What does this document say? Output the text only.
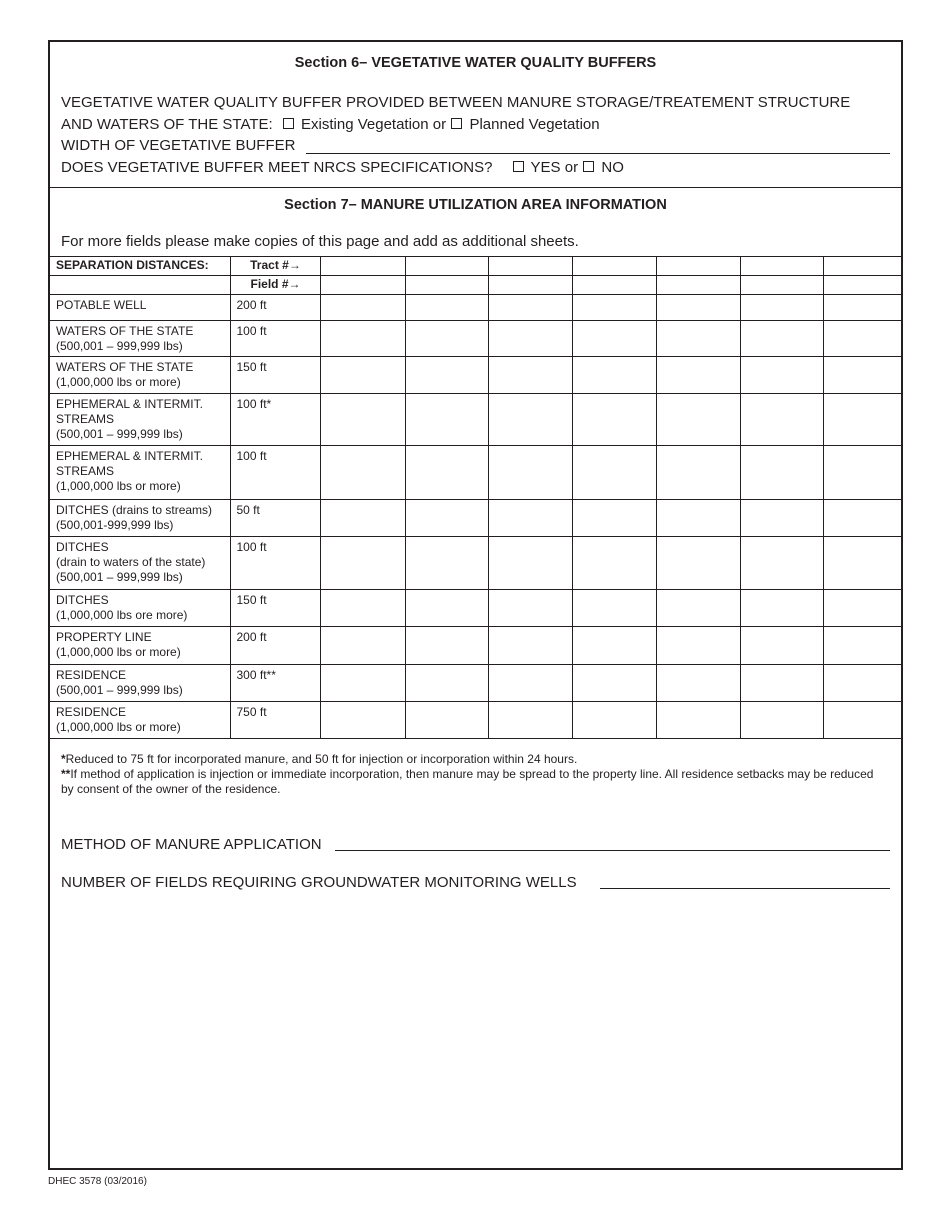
Section 6– VEGETATIVE WATER QUALITY BUFFERS
VEGETATIVE WATER QUALITY BUFFER PROVIDED BETWEEN MANURE STORAGE/TREATEMENT STRUCTURE
AND WATERS OF THE STATE: Existing Vegetation or Planned Vegetation
WIDTH OF VEGETATIVE BUFFER
DOES VEGETATIVE BUFFER MEET NRCS SPECIFICATIONS?	YES or NO
Section 7– MANURE UTILIZATION AREA INFORMATION
For more fields please make copies of this page and add as additional sheets.
SEPARATION DISTANCES:	Tract #→							
	Field #→							
POTABLE WELL	200 ft							
WATERS OF THE STATE
(500,001 – 999,999 lbs)	100 ft							
WATERS OF THE STATE
(1,000,000 lbs or more)	150 ft							
EPHEMERAL & INTERMIT.
STREAMS
(500,001 – 999,999 lbs)	100 ft*							
EPHEMERAL & INTERMIT.
STREAMS
(1,000,000 lbs or more)	100 ft							
DITCHES (drains to streams)
(500,001-999,999 lbs)	50 ft							
DITCHES
(drain to waters of the state)
(500,001 – 999,999 lbs)	100 ft							
DITCHES
(1,000,000 lbs ore more)	150 ft							
PROPERTY LINE
(1,000,000 lbs or more)	200 ft							
RESIDENCE
(500,001 – 999,999 lbs)	300 ft**							
RESIDENCE
(1,000,000 lbs or more)	750 ft							
*Reduced to 75 ft for incorporated manure, and 50 ft for injection or incorporation within 24 hours.
**If method of application is injection or immediate incorporation, then manure may be spread to the property line. All residence setbacks may be reduced by consent of the owner of the residence.
METHOD OF MANURE APPLICATION
NUMBER OF FIELDS REQUIRING GROUNDWATER MONITORING WELLS
DHEC 3578 (03/2016)
